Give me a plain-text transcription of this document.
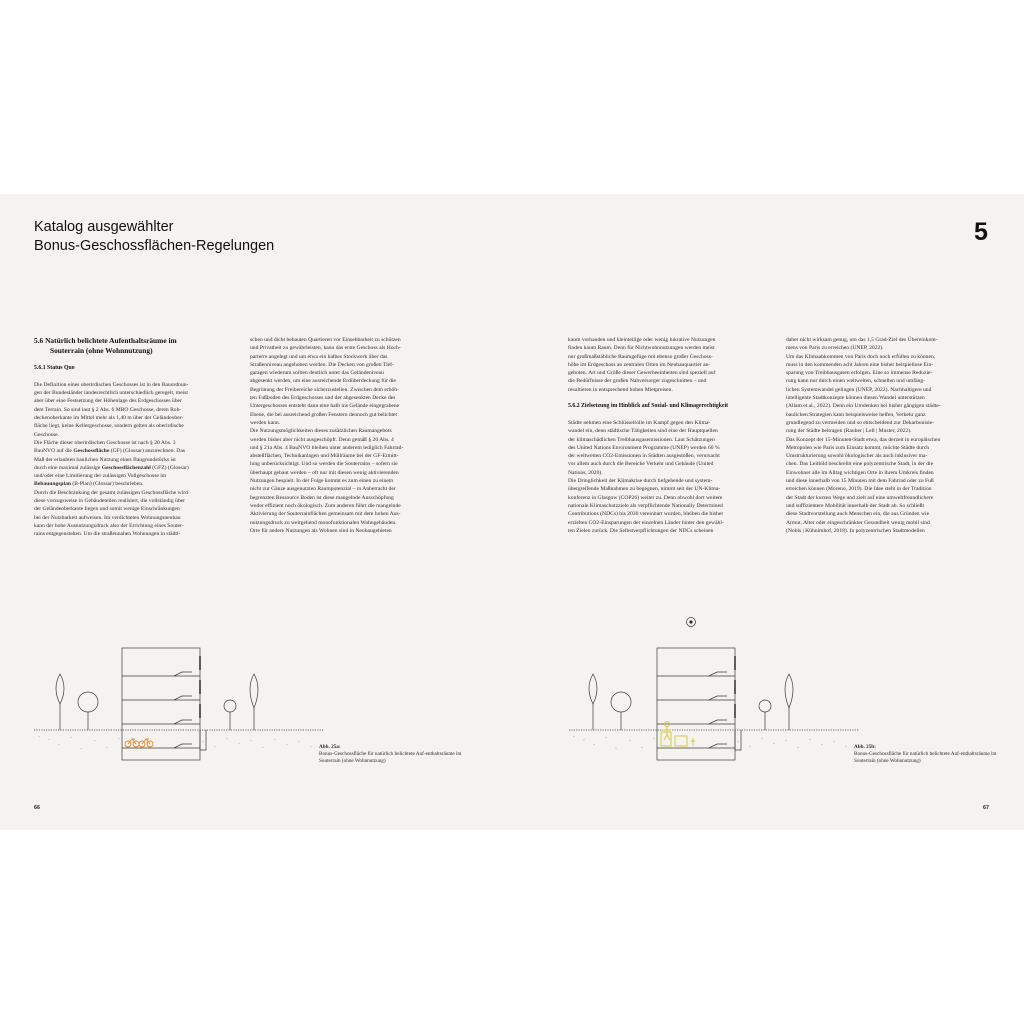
Katalog ausgewählter
Bonus-Geschossflächen-Regelungen	5
5.6 Natürlich belichtete Aufenthaltsräume im
Souterrain (ohne Wohnnutzung)

5.6.1 Status Quo

Die Definition eines oberirdischen Geschosses ist in den Bauordnun-

gen der Bundesländer landesrechtlich unterschiedlich geregelt, meist

aber über eine Festsetzung der Höhenlage des Erdgeschosses über

dem Terrain. So sind laut § 2 Abs. 6 MBO Geschosse, deren Roh-

deckenoberkante im Mittel mehr als 1,40 m über der Geländeober-

fläche liegt, keine Kellergeschosse, sondern gelten als oberirdische

Geschosse.

Die Fläche dieser oberirdischen Geschosse ist nach § 20 Abs. 3

BauNVO auf die Geschossfläche (GF) (Glossar) anzurechnen. Das

Maß der erlaubten baulichen Nutzung eines Baugrundstücks ist

durch eine maximal zulässige Geschossflächenzahl (GFZ) (Glossar)

und/oder eine Limitierung der zulässigen Vollgeschosse im

Bebauungsplan (B-Plan) (Glossar) beschrieben.

Durch die Beschränkung der gesamt zulässigen Geschossfläche wird

diese vorzugsweise in Gebäudeteilen realisiert, die vollständig über

der Geländeoberkante liegen und somit wenige Einschränkungen

bei der Nutzbarkeit aufweisen. Im verdichteten Wohnungsneubau

kann der hohe Ausnutzungsdruck also der Errichtung eines Souter-

rains entgegenstehen. Um die straßennahen Wohnungen in städti-

schen und dicht bebauten Quartieren vor Einsehbarkeit zu schützen

und Privatheit zu gewährleisten, kann das erste Geschoss als Hoch-

parterre angelegt und um etwa ein halbes Stockwerk über das

Straßenniveau angehoben werden. Die Decken von großen Tief-

garagen wiederum sollten deutlich unter das Geländeniveau

abgesenkt werden, um eine ausreichende Erdüberdeckung für die

Begrünung der Freibereiche sicherzustellen. Zwischen dem erhöh-

ten Fußboden des Erdgeschosses und der abgesenkten Decke des

Untergeschosses entsteht dann eine halb ins Gelände eingegrabene

Ebene, die bei ausreichend großen Fenstern dennoch gut belichtet

werden kann.

Die Nutzungsmöglichkeiten dieses zusätzlichen Raumangebots

werden bisher aber nicht ausgeschöpft. Denn gemäß § 20 Abs. 4

und § 21a Abs. 4 BauNVO bleiben unter anderem lediglich Fahrrad-

abstellflächen, Technikanlagen und Müllräume bei der GF-Ermitt-

lung unberücksichtigt. Und so werden die Souterrains – sofern sie

überhaupt gebaut werden – oft nur mit diesen wenig aktivierenden

Nutzungen bespielt. In der Folge kommt es zum einen zu einem

nicht zur Gänze ausgenutzten Raumpotenzial – in Anbetracht der

begrenzten Ressource Boden ist diese mangelnde Ausschöpfung

weder effizient noch ökologisch. Zum anderen führt die mangelnde

Aktivierung der Souterrainflächen gemeinsam mit dem hohen Aus-

nutzungsdruck zu weitgehend monofunktionalen Wohngebäuden.

Orte für andere Nutzungen als Wohnen sind in Neubaugebieten

kaum vorhanden und kleinteilige oder wenig lukrative Nutzungen

finden kaum Raum. Denn für Nichtwohnnutzungen werden meist

nur großmaßstäbliche Raumgefüge mit ebenso großer Geschoss-

höhe im Erdgeschoss an zentralen Orten im Neubauquartier an-

geboten. Art und Größe dieser Gewerbeeinheiten sind speziell auf

die Bedürfnisse der großen Nahversorger zugeschnitten – und

resultieren in entsprechend hohen Mietpreisen.

5.6.2 Zielsetzung im Hinblick auf Sozial- und Klimagerechtigkeit

Städte nehmen eine Schlüsselrolle im Kampf gegen den Klima-

wandel ein, denn städtische Tätigkeiten sind eine der Hauptquellen

der klimaschädlichen Treibhausgasemissionen. Laut Schätzungen

des United Nations Environment Programme (UNEP) werden 60 %

der weltweiten CO2-Emissionen in Städten ausgestoßen, verursacht

vor allem auch durch die Bereiche Verkehr und Gebäude (United

Nations, 2020).

Die Dringlichkeit der Klimakrise durch tiefgehende und system-

übergreifende Maßnahmen zu begegnen, nimmt seit der UN-Klima-

konferenz in Glasgow (COP26) weiter zu. Denn obwohl dort weitere

nationale Klimaschutzziele als verpflichtende Nationally Determined

Contributions (NDCs) bis 2030 vereinbart wurden, bleiben die bisher

erzielten CO2-Einsparungen der einzelnen Länder hinter den gewähl-

ten Zielen zurück. Die Selbstverpflichtungen der NDCs scheinen

daher nicht wirksam genug, um das 1,5 Grad-Ziel des Übereinkom-

mens von Paris zu erreichen (UNEP, 2022).

Um das Klimaabkommen von Paris doch noch erfüllen zu können,

muss in den kommenden acht Jahren eine bisher beispiellose Ein-

sparung von Treibhausgasen erfolgen. Eine so immense Reduzie-

rung kann nur durch einen weltweiten, schnellen und umfäng-

lichen Systemwandel gelingen (UNEP, 2022). Nachhaltigere und

intelligente Stadtkonzepte können diesen Wandel unterstützen

(Allam et al., 2022). Denn ein Umdenken bei bisher gängigen städte-

baulichen Strategien kann beispielsweise helfen, Verkehr ganz

grundlegend zu vermeiden und so entscheidend zur Dekarbonisie-

rung der Städte beitragen (Rauber | Lell | Muster, 2022).

Das Konzept der 15-Minuten-Stadt etwa, das derzeit in europäischen

Metropolen wie Paris zum Einsatz kommt, möchte Städte durch

Umstrukturierung sowohl ökologischer als auch inklusiver ma-

chen. Das Leitbild beschreibt eine polyzentrische Stadt, in der die

Einwohner alle im Alltag wichtigen Orte in ihrem Umkreis finden

und diese innerhalb von 15 Minuten mit dem Fahrrad oder zu Fuß

erreichen können (Moreno, 2019). Die Idee steht in der Tradition

der Stadt der kurzen Wege und zielt auf eine umweltfreundlichere

und suffizientere Mobilität innerhalb der Stadt ab. So schließt

diese Stadtvorstellung auch Menschen ein, die aus Gründen wie

Armut, Alter oder eingeschränkter Gesundheit wenig mobil sind

(Nobis | Kühnimhof, 2018). In polyzentrischen Stadtmodellen

Abb. 25a:
Bonus-Geschossfläche für natürlich belichtete Auf-enthaltsräume im Souterrain (ohne Wohnnutzung)
Abb. 25b:
Bonus-Geschossfläche für natürlich belichtete Auf-enthaltsräume im Souterrain (ohne Wohnnutzung)
66	67
